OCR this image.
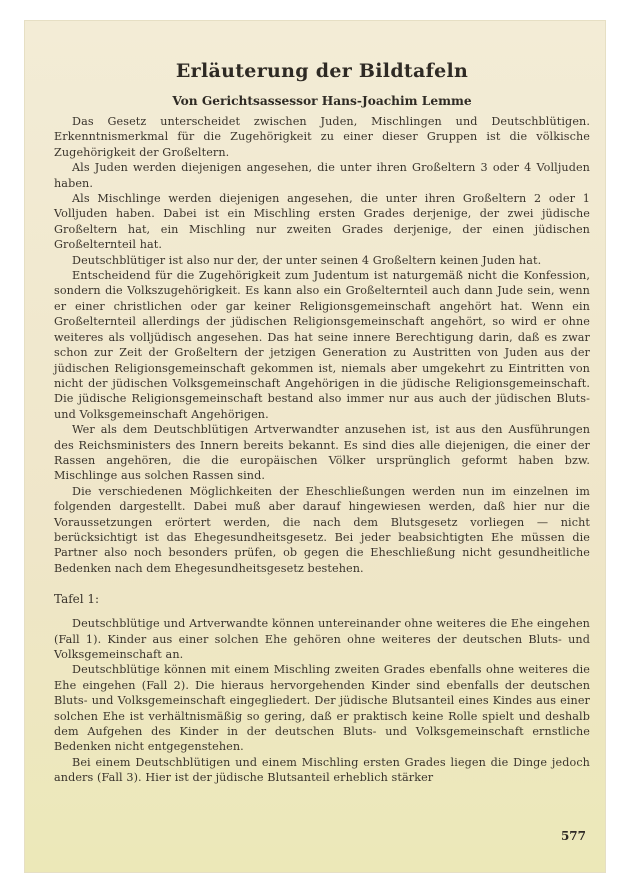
Erläuterung der Bildtafeln

Von Gerichtsassessor Hans-Joachim Lemme

Das Gesetz unterscheidet zwischen Juden, Mischlingen und Deutschblütigen. Erkenntnismerkmal für die Zugehörigkeit zu einer dieser Gruppen ist die völkische Zugehörigkeit der Großeltern.

Als Juden werden diejenigen angesehen, die unter ihren Großeltern 3 oder 4 Volljuden haben.

Als Mischlinge werden diejenigen angesehen, die unter ihren Großeltern 2 oder 1 Volljuden haben. Dabei ist ein Mischling ersten Grades derjenige, der zwei jüdische Großeltern hat, ein Mischling nur zweiten Grades derjenige, der einen jüdischen Großelternteil hat.

Deutschblütiger ist also nur der, der unter seinen 4 Großeltern keinen Juden hat.

Entscheidend für die Zugehörigkeit zum Judentum ist naturgemäß nicht die Konfession, sondern die Volkszugehörigkeit. Es kann also ein Großelternteil auch dann Jude sein, wenn er einer christlichen oder gar keiner Religionsgemeinschaft angehört hat. Wenn ein Großelternteil allerdings der jüdischen Religionsgemeinschaft angehört, so wird er ohne weiteres als volljüdisch angesehen. Das hat seine innere Berechtigung darin, daß es zwar schon zur Zeit der Großeltern der jetzigen Generation zu Austritten von Juden aus der jüdischen Religionsgemeinschaft gekommen ist, niemals aber umgekehrt zu Eintritten von nicht der jüdischen Volksgemeinschaft Angehörigen in die jüdische Religionsgemeinschaft. Die jüdische Religionsgemeinschaft bestand also immer nur aus auch der jüdischen Bluts- und Volksgemeinschaft Angehörigen.

Wer als dem Deutschblütigen Artverwandter anzusehen ist, ist aus den Ausführungen des Reichsministers des Innern bereits bekannt. Es sind dies alle diejenigen, die einer der Rassen angehören, die die europäischen Völker ursprünglich geformt haben bzw. Mischlinge aus solchen Rassen sind.

Die verschiedenen Möglichkeiten der Eheschließungen werden nun im einzelnen im folgenden dargestellt. Dabei muß aber darauf hingewiesen werden, daß hier nur die Voraussetzungen erörtert werden, die nach dem Blutsgesetz vorliegen — nicht berücksichtigt ist das Ehegesundheitsgesetz. Bei jeder beabsichtigten Ehe müssen die Partner also noch besonders prüfen, ob gegen die Eheschließung nicht gesundheitliche Bedenken nach dem Ehegesundheitsgesetz bestehen.

Tafel 1:

Deutschblütige und Artverwandte können untereinander ohne weiteres die Ehe eingehen (Fall 1). Kinder aus einer solchen Ehe gehören ohne weiteres der deutschen Bluts- und Volksgemeinschaft an.

Deutschblütige können mit einem Mischling zweiten Grades ebenfalls ohne weiteres die Ehe eingehen (Fall 2). Die hieraus hervorgehenden Kinder sind ebenfalls der deutschen Bluts- und Volksgemeinschaft eingegliedert. Der jüdische Blutsanteil eines Kindes aus einer solchen Ehe ist verhältnismäßig so gering, daß er praktisch keine Rolle spielt und deshalb dem Aufgehen des Kinder in der deutschen Bluts- und Volksgemeinschaft ernstliche Bedenken nicht entgegenstehen.

Bei einem Deutschblütigen und einem Mischling ersten Grades liegen die Dinge jedoch anders (Fall 3). Hier ist der jüdische Blutsanteil erheblich stärker

577
